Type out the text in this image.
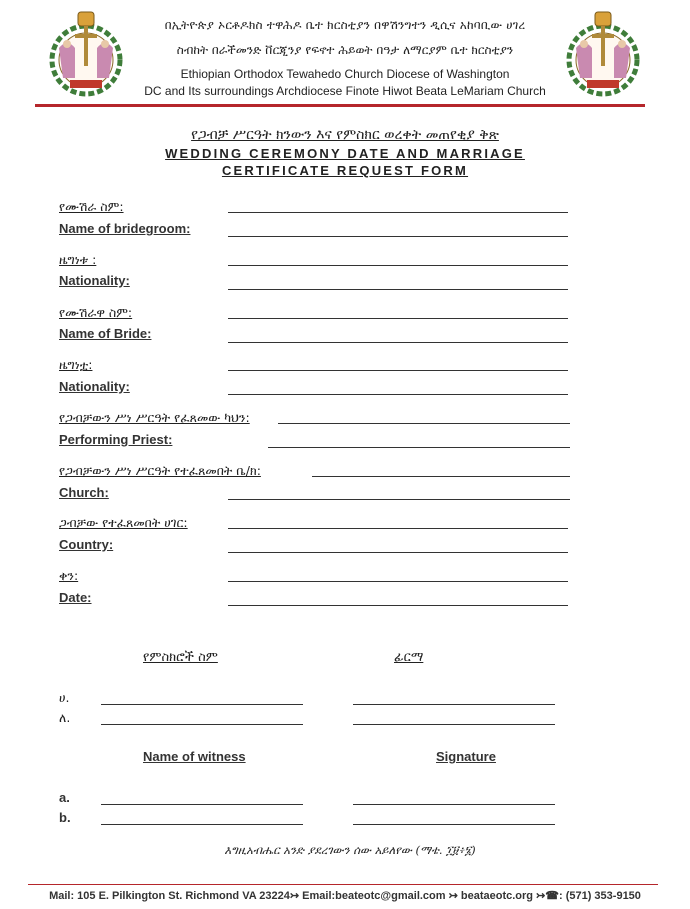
በኢትዮጵያ ኦርቶዶክስ ተዋሕዶ ቤተ ክርስቲያን በዋሽንግተን ዲሲና አከባቢው ሀገረ
ስብከት በራችመንድ ቨርጂንያ የፍኖተ ሕይወት በዓታ ለማርያም ቤተ ክርስቲያን
Ethiopian Orthodox Tewahedo Church Diocese of Washington
DC and Its surroundings Archdiocese Finote Hiwot Beata LeMariam Church
የጋብቻ ሥርዓት ክንውን እና የምስክር ወረቀት መጠየቂያ ቅጽ
WEDDING CEREMONY DATE AND MARRIAGE
CERTIFICATE REQUEST FORM
የሙሽራ ስም:
Name of bridegroom:
ዜግነቱ :
Nationality:
የሙሽራዋ ስም:
Name of Bride:
ዜግነቷ:
Nationality:
የጋብቻውን ሥነ ሥርዓት የፈጸመው ካህን:
Performing Priest:
የጋብቻውን ሥነ ሥርዓት የተፈጸመበት ቤ/ክ:
Church:
ጋብቻው የተፈጸመበት ሀገር:
Country:
ቀን:
Date:
የምስክሮች ስም	ፊርማ
ሀ.
ለ.
Name of witness	Signature
a.
b.
እግዚአብሔር አንድ ያደረገውን ሰው አይለየው (ማቴ. ፲፱፥፮)
Mail: 105 E. Pilkington St. Richmond VA 23224↣ Email:beateotc@gmail.com ↣ beataeotc.org ↣☎: (571) 353-9150
